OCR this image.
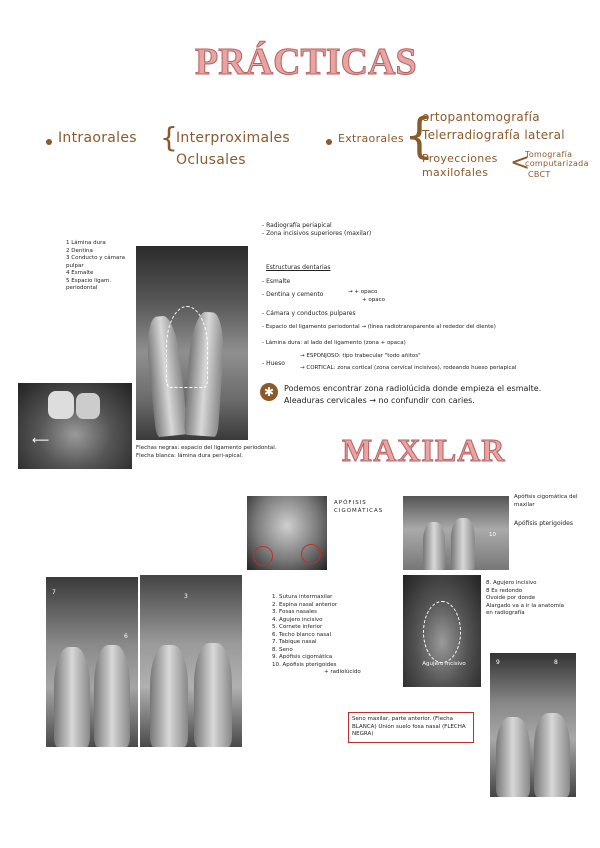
PRÁCTICAS
Intraorales {
Interproximales
Oclusales
Extraorales {
ortopantomografía
Telerradiografía lateral
Proyecciones maxilofales <
Tomografía computarizada
CBCT
1 Lámina dura
2 Dentina
3 Conducto y cámara pulpar
4 Esmalte
5 Espacio ligam. periodontal
⟵
Flechas negras: espacio del ligamento periodontal. Flecha blanca: lámina dura peri-apical.
- Radiografía periapical
- Zona incisivos superiores (maxilar)
Estructuras dentarias
- Esmalte
- Dentina y cemento	→ + opaco
+ opaco
- Cámara y conductos pulpares
- Espacio del ligamento periodontal → (línea radiotransparente al rededor del diente)
- Lámina dura: al lado del ligamento (zona + opaca)
- Hueso
→ ESPONJOSO: tipo trabecular "todo añitos"
→ CORTICAL: zona cortical (zona cervical incisivos), rodeando hueso periapical
✱	Podemos encontrar zona radiolúcida donde empieza el esmalte. Aleaduras cervicales → no confundir con caries.
MAXILAR
APÓFISIS CIGOMÁTICAS
10
Apófisis cigomática del maxilar
Apófisis pterigoides
7
6
3	1. Sutura intermaxilar
2. Espina nasal anterior
3. Fosas nasales
4. Agujero incisivo
5. Cornete inferior
6. Techo blanco nasal
7. Tabique nasal
8. Seno
9. Apófisis cigomática
10. Apófisis pterigoides
+ radiolúcido
Agujero incisivo
8. Agujero incisivo
8 Es redondo
Ovoide por donde
Alargado va a ir la anatomía
en radiografía
Seno maxilar, parte anterior. (Flecha BLANCA) Unión suelo fosa nasal (FLECHA NEGRA)
8
9
